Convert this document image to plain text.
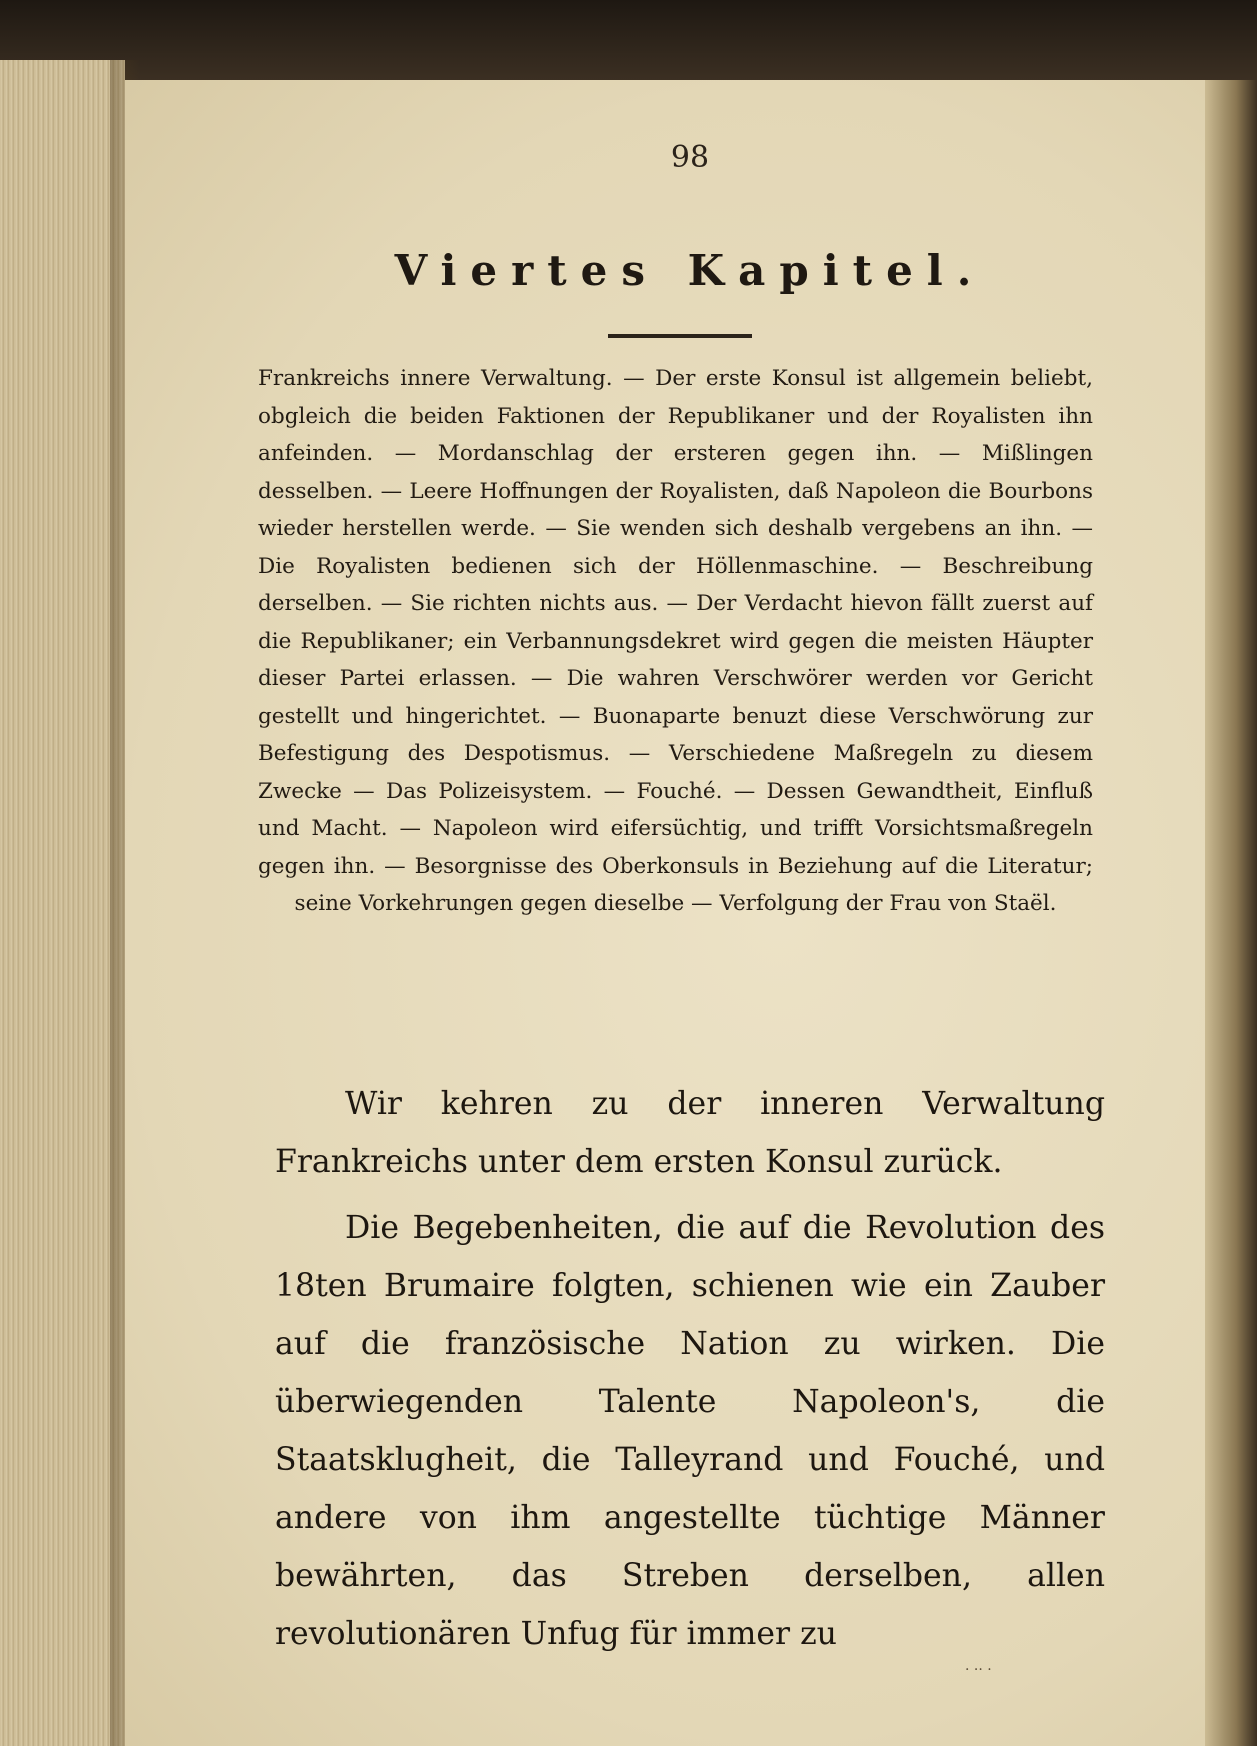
98
Viertes Kapitel.
Frankreichs innere Verwaltung. — Der erste Konsul ist allgemein beliebt, obgleich die beiden Faktionen der Republikaner und der Royalisten ihn anfeinden. — Mordanschlag der ersteren gegen ihn. — Mißlingen desselben. — Leere Hoffnungen der Royalisten, daß Napoleon die Bourbons wieder herstellen werde. — Sie wenden sich deshalb vergebens an ihn. — Die Royalisten bedienen sich der Höllenmaschine. — Beschreibung derselben. — Sie richten nichts aus. — Der Verdacht hievon fällt zuerst auf die Republikaner; ein Verbannungsdekret wird gegen die meisten Häupter dieser Partei erlassen. — Die wahren Verschwörer werden vor Gericht gestellt und hingerichtet. — Buonaparte benuzt diese Verschwörung zur Befestigung des Despotismus. — Verschiedene Maßregeln zu diesem Zwecke — Das Polizeisystem. — Fouché. — Dessen Gewandtheit, Einfluß und Macht. — Napoleon wird eifersüchtig, und trifft Vorsichtsmaßregeln gegen ihn. — Besorgnisse des Oberkonsuls in Beziehung auf die Literatur; seine Vorkehrungen gegen dieselbe — Verfolgung der Frau von Staël.

Wir kehren zu der inneren Verwaltung Frankreichs unter dem ersten Konsul zurück.

Die Begebenheiten, die auf die Revolution des 18ten Brumaire folgten, schienen wie ein Zauber auf die französische Nation zu wirken. Die überwiegenden Talente Napoleon's, die Staatsklugheit, die Talleyrand und Fouché, und andere von ihm angestellte tüchtige Männer bewährten, das Streben derselben, allen revolutionären Unfug für immer zu

· ·· ·
